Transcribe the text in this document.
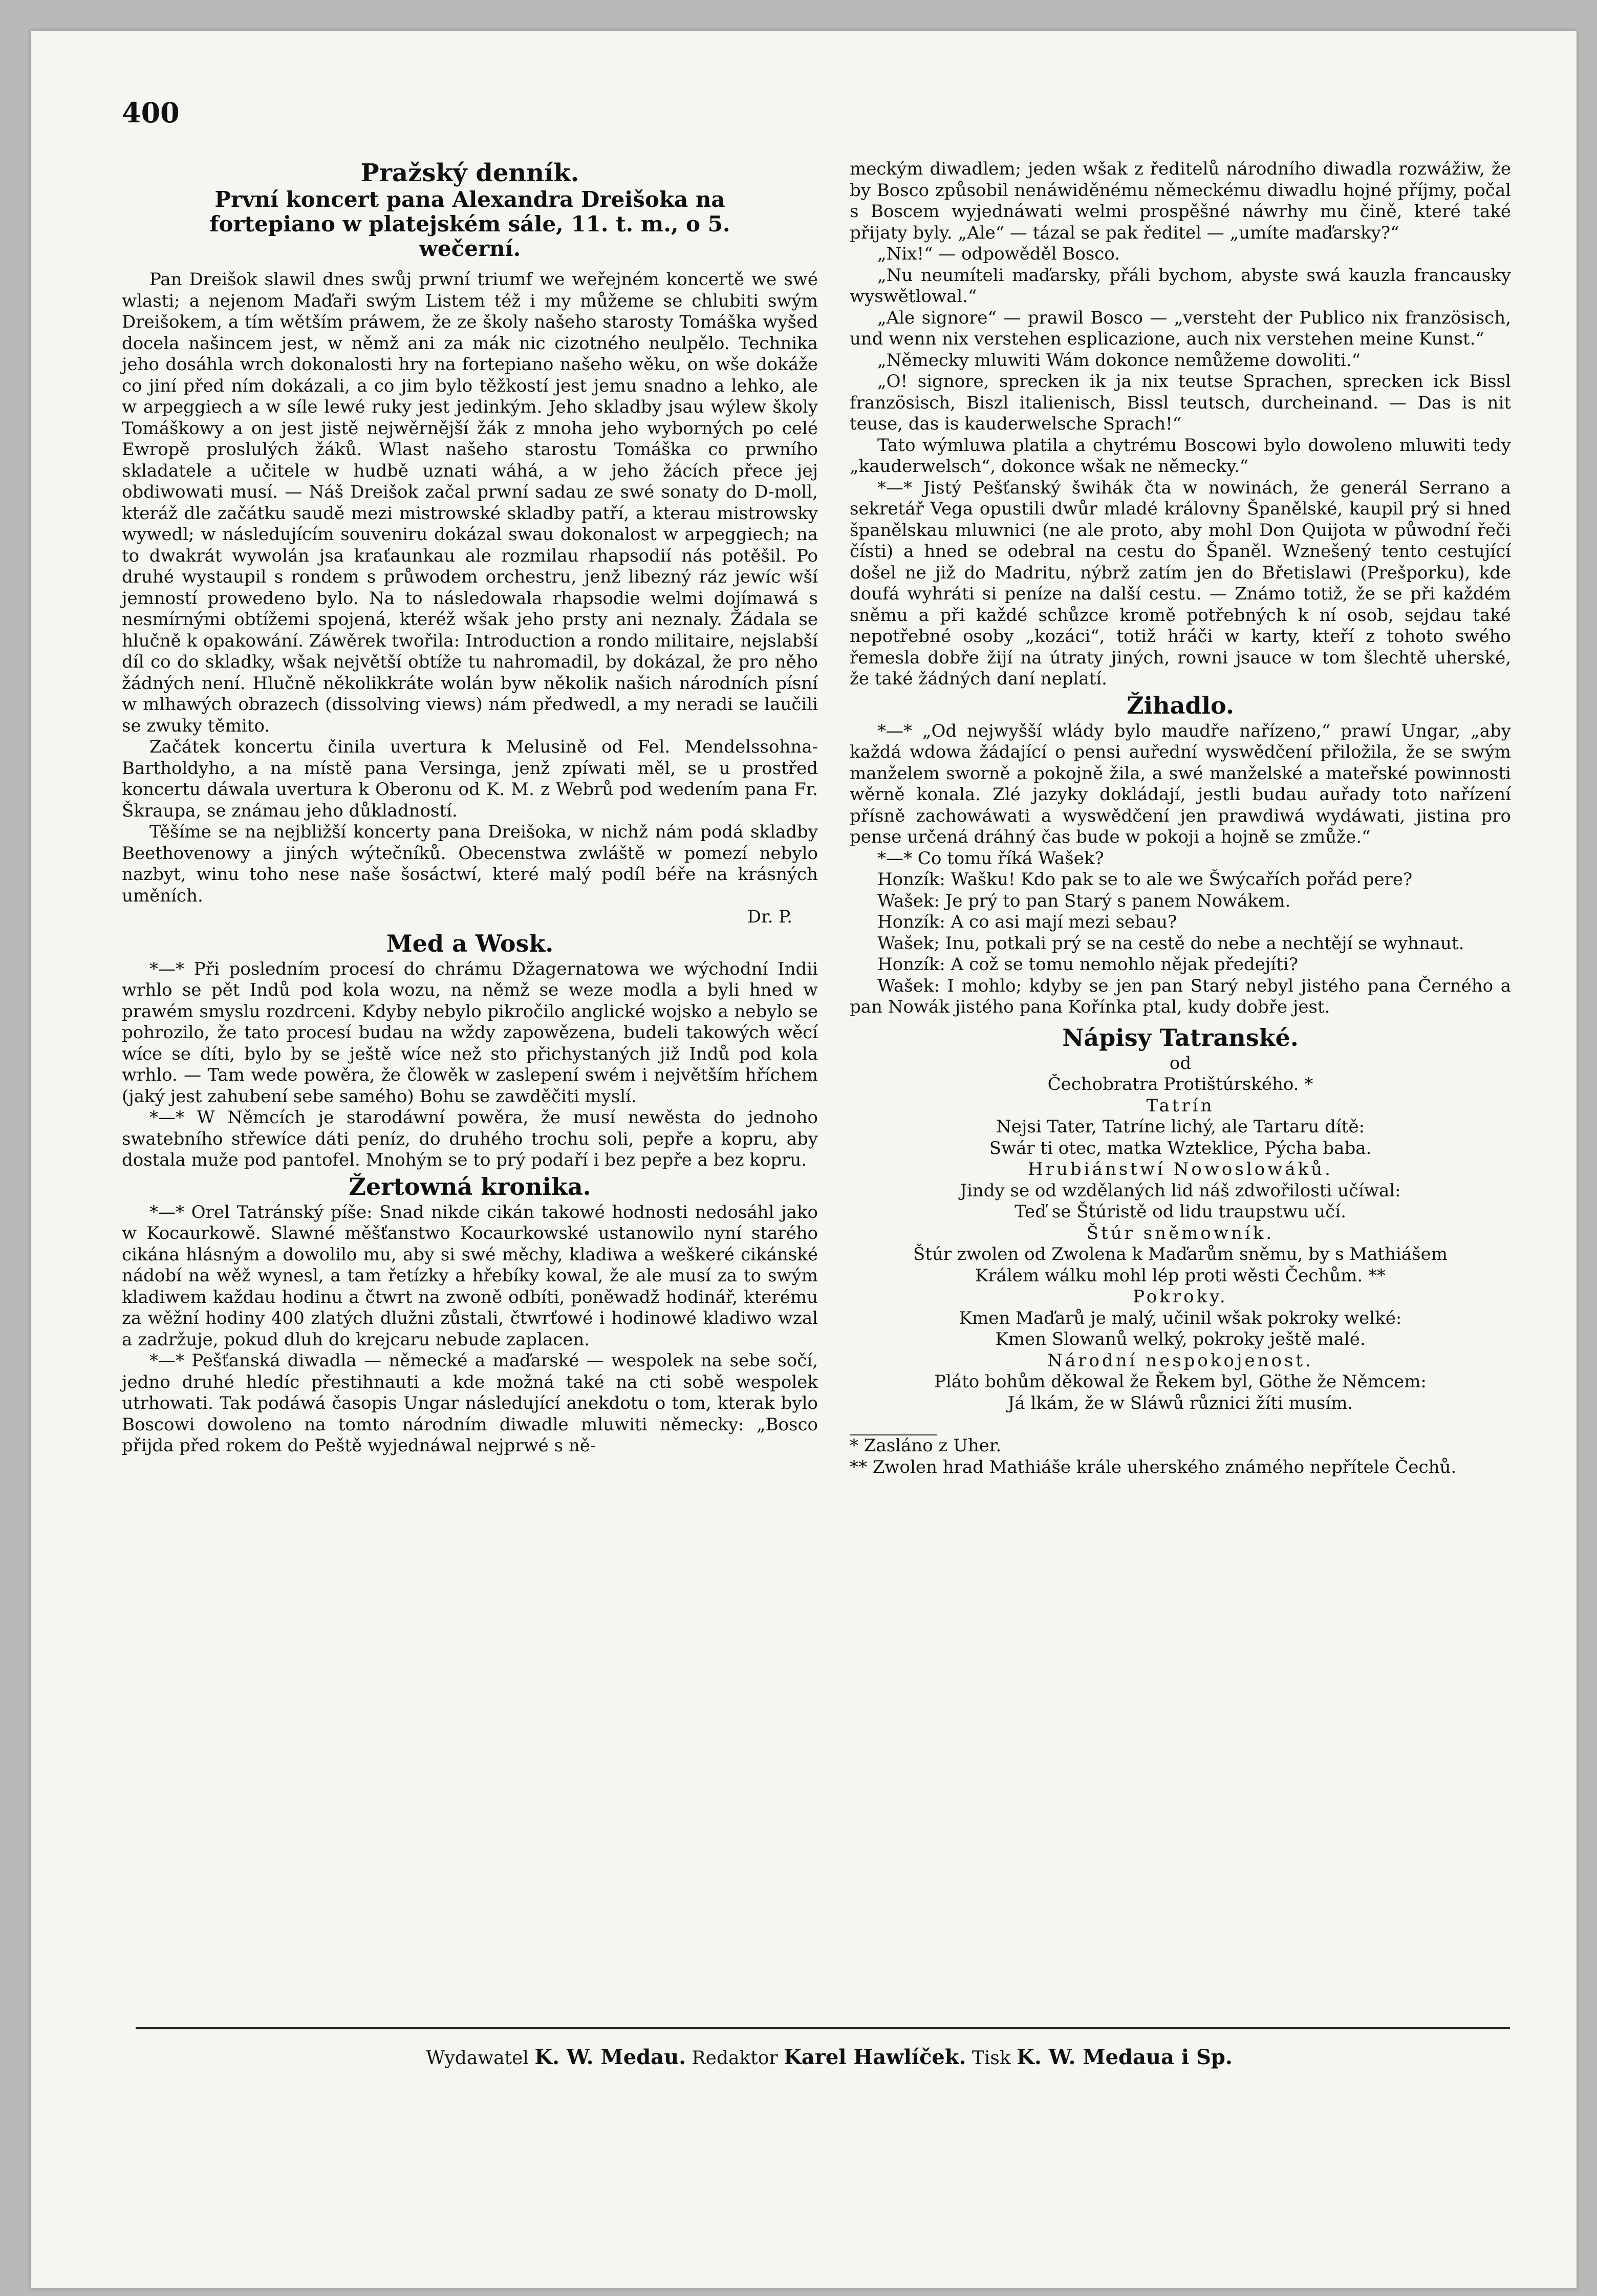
400

Pražský denník.

První koncert pana Alexandra Dreišoka na

fortepiano w platejském sále, 11. t. m., o 5.

wečerní.

Pan Dreišok slawil dnes swůj prwní triumf we weřejném koncertě we swé wlasti; a nejenom Maďaři swým Listem též i my můžeme se chlubiti swým Dreišokem, a tím wětším práwem, že ze školy našeho starosty Tomáška wyšed docela našincem jest, w němž ani za mák nic cizotného neulpělo. Technika jeho dosáhla wrch dokonalosti hry na fortepiano našeho wěku, on wše dokáže co jiní před ním dokázali, a co jim bylo těžkostí jest jemu snadno a lehko, ale w arpeggiech a w síle lewé ruky jest jedinkým. Jeho skladby jsau wýlew školy Tomáškowy a on jest jistě nejwěrnější žák z mnoha jeho wyborných po celé Ewropě proslulých žáků. Wlast našeho starostu Tomáška co prwního skladatele a učitele w hudbě uznati wáhá, a w jeho žácích přece jej obdiwowati musí. — Náš Dreišok začal prwní sadau ze swé sonaty do D-moll, kteráž dle začátku saudě mezi mistrowské skladby patří, a kterau mistrowsky wywedl; w následujícím souveniru dokázal swau dokonalost w arpeggiech; na to dwakrát wywolán jsa kraťaunkau ale rozmilau rhapsodií nás potěšil. Po druhé wystaupil s rondem s průwodem orchestru, jenž libezný ráz jewíc wší jemností prowedeno bylo. Na to následowala rhapsodie welmi dojímawá s nesmírnými obtížemi spojená, kteréž wšak jeho prsty ani neznaly. Žádala se hlučně k opakowání. Záwěrek twořila: Introduction a rondo militaire, nejslabší díl co do skladky, wšak největší obtíže tu nahromadil, by dokázal, že pro něho žádných není. Hlučně několikkráte wolán byw několik našich národních písní w mlhawých obrazech (dissolving views) nám předwedl, a my neradi se laučili se zwuky těmito.

Začátek koncertu činila uvertura k Melusině od Fel. Mendelssohna-Bartholdyho, a na místě pana Versinga, jenž zpíwati měl, se u prostřed koncertu dáwala uvertura k Oberonu od K. M. z Webrů pod wedením pana Fr. Škraupa, se známau jeho důkladností.

Těšíme se na nejbližší koncerty pana Dreišoka, w nichž nám podá skladby Beethovenowy a jiných wýtečníků. Obecenstwa zwláště w pomezí nebylo nazbyt, winu toho nese naše šosáctwí, které malý podíl béře na krásných uměních.

Dr. P.

Med a Wosk.

*—* Při posledním procesí do chrámu Džagernatowa we wýchodní Indii wrhlo se pět Indů pod kola wozu, na němž se weze modla a byli hned w prawém smyslu rozdrceni. Kdyby nebylo pikročilo anglické wojsko a nebylo se pohrozilo, že tato procesí budau na wždy zapowězena, budeli takowých wěcí wíce se díti, bylo by se ještě wíce než sto přichystaných již Indů pod kola wrhlo. — Tam wede powěra, že člowěk w zaslepení swém i největším hříchem (jaký jest zahubení sebe samého) Bohu se zawděčiti myslí.

*—* W Němcích je starodáwní powěra, že musí newěsta do jednoho swatebního střewíce dáti peníz, do druhého trochu soli, pepře a kopru, aby dostala muže pod pantofel. Mnohým se to prý podaří i bez pepře a bez kopru.

Žertowná kronika.

*—* Orel Tatránský píše: Snad nikde cikán takowé hodnosti nedosáhl jako w Kocaurkowě. Slawné měšťanstwo Kocaurkowské ustanowilo nyní starého cikána hlásným a dowolilo mu, aby si swé měchy, kladiwa a weškeré cikánské nádobí na wěž wynesl, a tam řetízky a hřebíky kowal, že ale musí za to swým kladiwem každau hodinu a čtwrt na zwoně odbíti, poněwadž hodinář, kterému za wěžní hodiny 400 zlatých dlužni zůstali, čtwrťowé i hodinowé kladiwo wzal a zadržuje, pokud dluh do krejcaru nebude zaplacen.

*—* Pešťanská diwadla — německé a maďarské — wespolek na sebe sočí, jedno druhé hledíc přestihnauti a kde možná také na cti sobě wespolek utrhowati. Tak podáwá časopis Ungar následující anekdotu o tom, kterak bylo Boscowi dowoleno na tomto národním diwadle mluwiti německy: „Bosco přijda před rokem do Peště wyjednáwal nejprwé s ně-

meckým diwadlem; jeden wšak z ředitelů národního diwadla rozwážiw, že by Bosco způsobil nenáwiděnému německému diwadlu hojné příjmy, počal s Boscem wyjednáwati welmi prospěšné náwrhy mu čině, které také přijaty byly. „Ale“ — tázal se pak ředitel — „umíte maďarsky?“

„Nix!“ — odpowěděl Bosco.

„Nu neumíteli maďarsky, přáli bychom, abyste swá kauzla francausky wyswětlowal.“

„Ale signore“ — prawil Bosco — „versteht der Publico nix französisch, und wenn nix verstehen esplicazione, auch nix verstehen meine Kunst.“

„Německy mluwiti Wám dokonce nemůžeme dowoliti.“

„O! signore, sprecken ik ja nix teutse Sprachen, sprecken ick Bissl französisch, Biszl italienisch, Bissl teutsch, durcheinand. — Das is nit teuse, das is kauderwelsche Sprach!“

Tato wýmluwa platila a chytrému Boscowi bylo dowoleno mluwiti tedy „kauderwelsch“, dokonce wšak ne německy.“

*—* Jistý Pešťanský šwihák čta w nowinách, že generál Serrano a sekretář Vega opustili dwůr mladé královny Španělské, kaupil prý si hned španělskau mluwnici (ne ale proto, aby mohl Don Quijota w půwodní řeči čísti) a hned se odebral na cestu do Španěl. Wznešený tento cestující došel ne již do Madritu, nýbrž zatím jen do Břetislawi (Prešporku), kde doufá wyhráti si peníze na další cestu. — Známo totiž, že se při každém sněmu a při každé schůzce kromě potřebných k ní osob, sejdau také nepotřebné osoby „kozáci“, totiž hráči w karty, kteří z tohoto swého řemesla dobře žijí na útraty jiných, rowni jsauce w tom šlechtě uherské, že také žádných daní neplatí.

Žihadlo.

*—* „Od nejwyšší wlády bylo maudře nařízeno,“ prawí Ungar, „aby každá wdowa žádající o pensi auřední wyswědčení přiložila, že se swým manželem sworně a pokojně žila, a swé manželské a mateřské powinnosti wěrně konala. Zlé jazyky dokládají, jestli budau auřady toto nařízení přísně zachowáwati a wyswědčení jen prawdiwá wydáwati, jistina pro pense určená dráhný čas bude w pokoji a hojně se zmůže.“

*—* Co tomu říká Wašek?

Honzík: Wašku! Kdo pak se to ale we Šwýcařích pořád pere?

Wašek: Je prý to pan Starý s panem Nowákem.

Honzík: A co asi mají mezi sebau?

Wašek; Inu, potkali prý se na cestě do nebe a nechtějí se wyhnaut.

Honzík: A což se tomu nemohlo nějak předejíti?

Wašek: I mohlo; kdyby se jen pan Starý nebyl jistého pana Černého a pan Nowák jistého pana Kořínka ptal, kudy dobře jest.

Nápisy Tatranské.

od

Čechobratra Protištúrského. *

Tatrín

Nejsi Tater, Tatríne lichý, ale Tartaru dítě:

Swár ti otec, matka Wzteklice, Pýcha baba.

Hrubiánstwí Nowoslowáků.

Jindy se od wzdělaných lid náš zdwořilosti učíwal:

Teď se Štúristě od lidu traupstwu učí.

Štúr sněmowník.

Štúr zwolen od Zwolena k Maďarům sněmu, by s Mathiášem

Králem wálku mohl lép proti wěsti Čechům. **

Pokroky.

Kmen Maďarů je malý, učinil wšak pokroky welké:

Kmen Slowanů welký, pokroky ještě malé.

Národní nespokojenost.

Pláto bohům děkowal že Řekem byl, Göthe že Němcem:

Já lkám, že w Sláwů různici žíti musím.

* Zasláno z Uher.

** Zwolen hrad Mathiáše krále uherského známého nepřítele Čechů.

Wydawatel K. W. Medau. Redaktor Karel Hawlíček. Tisk K. W. Medaua i Sp.
